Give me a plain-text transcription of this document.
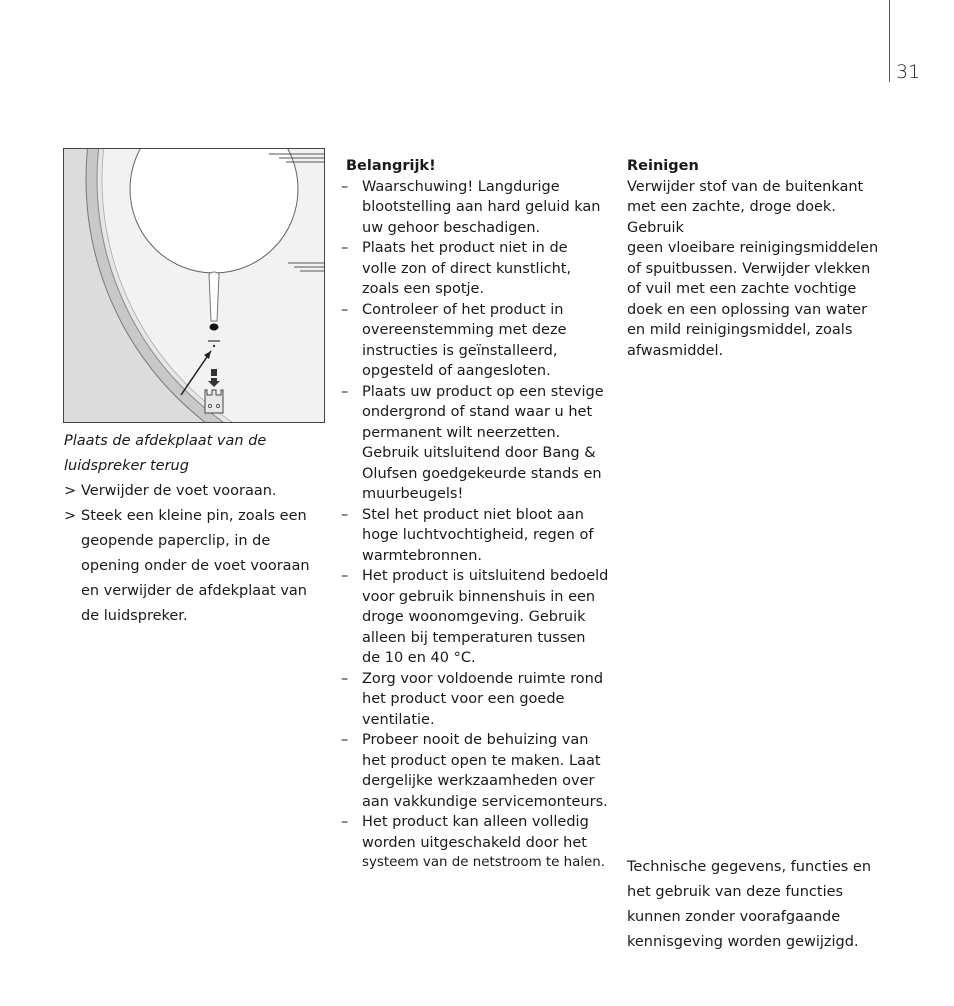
31
Plaats de afdekplaat van de
luidspreker terug
> Verwijder de voet vooraan.
> Steek een kleine pin, zoals een
geopende paperclip, in de
opening onder de voet vooraan
en verwijder de afdekplaat van
de luidspreker.
Belangrijk!
– Waarschuwing! Langdurige
blootstelling aan hard geluid kan
uw gehoor beschadigen.
– Plaats het product niet in de
volle zon of direct kunstlicht,
zoals een spotje.
– Controleer of het product in
overeenstemming met deze
instructies is geïnstalleerd,
opgesteld of aangesloten.
– Plaats uw product op een stevige
ondergrond of stand waar u het
permanent wilt neerzetten.
Gebruik uitsluitend door Bang &
Olufsen goedgekeurde stands en
muurbeugels!
– Stel het product niet bloot aan
hoge luchtvochtigheid, regen of
warmtebronnen.
– Het product is uitsluitend bedoeld
voor gebruik binnenshuis in een
droge woonomgeving. Gebruik
alleen bij temperaturen tussen
de 10 en 40 °C.
– Zorg voor voldoende ruimte rond
het product voor een goede
ventilatie.
– Probeer nooit de behuizing van
het product open te maken. Laat
dergelijke werkzaamheden over
aan vakkundige servicemonteurs.
– Het product kan alleen volledig
worden uitgeschakeld door het
systeem van de netstroom te halen.
Reinigen
Verwijder stof van de buitenkant
met een zachte, droge doek. Gebruik
geen vloeibare reinigingsmiddelen
of spuitbussen. Verwijder vlekken
of vuil met een zachte vochtige
doek en een oplossing van water
en mild reinigingsmiddel, zoals
afwasmiddel.
Technische gegevens, functies en
het gebruik van deze functies
kunnen zonder voorafgaande
kennisgeving worden gewijzigd.
